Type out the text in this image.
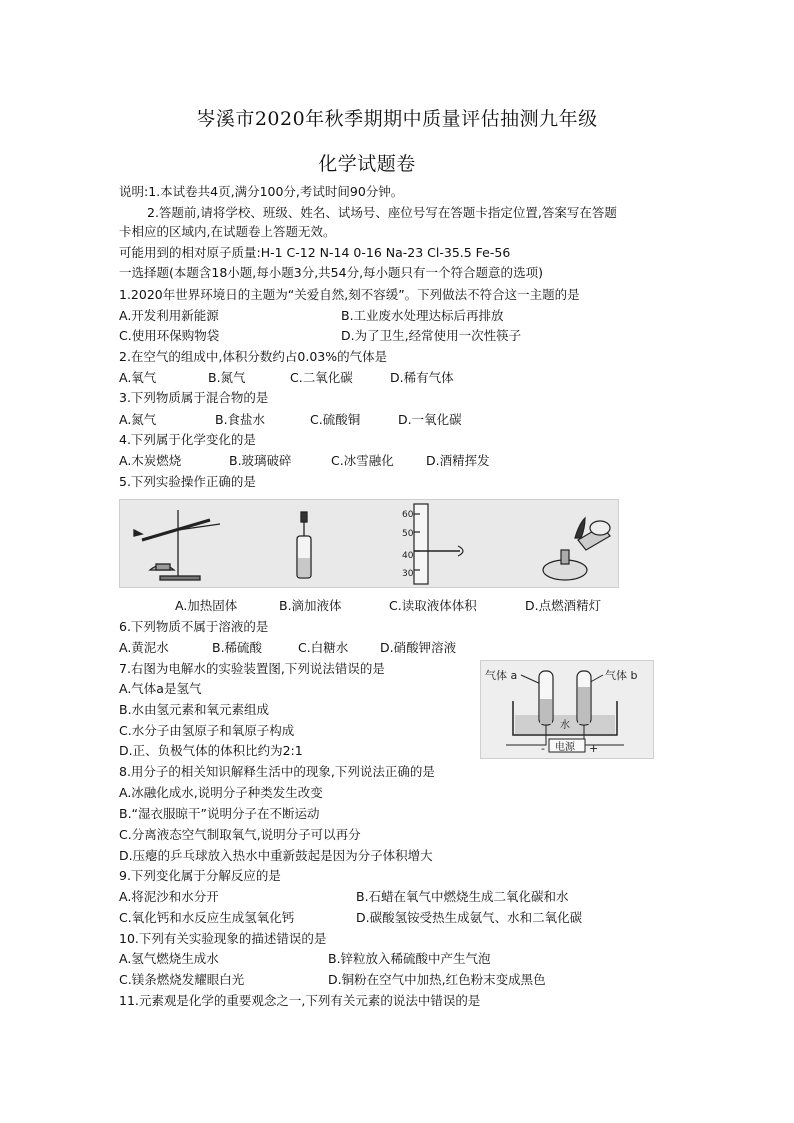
岑溪市2020年秋季期期中质量评估抽测九年级
化学试题卷
说明:1.本试卷共4页,满分100分,考试时间90分钟。
2.答题前,请将学校、班级、姓名、试场号、座位号写在答题卡指定位置,答案写在答题
卡相应的区域内,在试题卷上答题无效。
可能用到的相对原子质量:H-1 C-12 N-14 0-16 Na-23 Cl-35.5 Fe-56
一选择题(本题含18小题,每小题3分,共54分,每小题只有一个符合题意的选项)
1.2020年世界环境日的主题为“关爱自然,刻不容缓”。下列做法不符合这一主题的是
A.开发利用新能源	B.工业废水处理达标后再排放
C.使用环保购物袋	D.为了卫生,经常使用一次性筷子
2.在空气的组成中,体积分数约占0.03%的气体是
A.氧气	B.氮气	C.二氧化碳	D.稀有气体
3.下列物质属于混合物的是
A.氮气	B.食盐水	C.硫酸铜	D.一氧化碳
4.下列属于化学变化的是
A.木炭燃烧	B.玻璃破碎	C.冰雪融化	D.酒精挥发
5.下列实验操作正确的是
60
50
40
30
A.加热固体	B.滴加液体	C.读取液体体积	D.点燃酒精灯
6.下列物质不属于溶液的是
A.黄泥水	B.稀硫酸	C.白糖水	D.硝酸钾溶液
7.右图为电解水的实验装置图,下列说法错误的是
A.气体a是氢气
B.水由氢元素和氧元素组成
C.水分子由氢原子和氧原子构成
D.正、负极气体的体积比约为2:1
气体 a	气体 b
水
电源
-	+
8.用分子的相关知识解释生活中的现象,下列说法正确的是
A.冰融化成水,说明分子种类发生改变
B.“湿衣服晾干”说明分子在不断运动
C.分离液态空气制取氧气,说明分子可以再分
D.压瘪的乒乓球放入热水中重新鼓起是因为分子体积增大
9.下列变化属于分解反应的是
A.将泥沙和水分开	B.石蜡在氧气中燃烧生成二氧化碳和水
C.氧化钙和水反应生成氢氧化钙	D.碳酸氢铵受热生成氨气、水和二氧化碳
10.下列有关实验现象的描述错误的是
A.氢气燃烧生成水	B.锌粒放入稀硫酸中产生气泡
C.镁条燃烧发耀眼白光	D.铜粉在空气中加热,红色粉末变成黑色
11.元素观是化学的重要观念之一,下列有关元素的说法中错误的是
